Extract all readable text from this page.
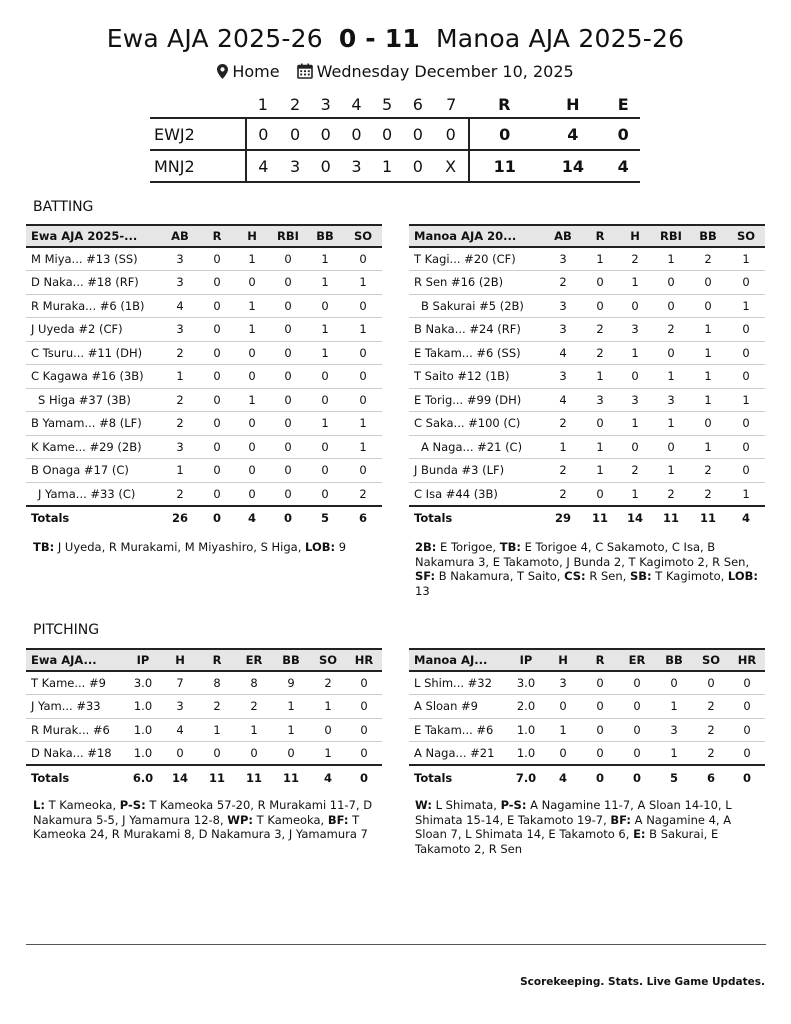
Ewa AJA 2025-26 0 - 11 Manoa AJA 2025-26
Home Wednesday December 10, 2025
	1	2	3	4	5	6	7	R	H	E
EWJ2	0	0	0	0	0	0	0	0	4	0
MNJ2	4	3	0	3	1	0	X	11	14	4
BATTING
Ewa AJA 2025-...	AB	R	H	RBI	BB	SO
M Miya... #13 (SS)	3	0	1	0	1	0
D Naka... #18 (RF)	3	0	0	0	1	1
R Muraka... #6 (1B)	4	0	1	0	0	0
J Uyeda #2 (CF)	3	0	1	0	1	1
C Tsuru... #11 (DH)	2	0	0	0	1	0
C Kagawa #16 (3B)	1	0	0	0	0	0
S Higa #37 (3B)	2	0	1	0	0	0
B Yamam... #8 (LF)	2	0	0	0	1	1
K Kame... #29 (2B)	3	0	0	0	0	1
B Onaga #17 (C)	1	0	0	0	0	0
J Yama... #33 (C)	2	0	0	0	0	2
Totals	26	0	4	0	5	6
Manoa AJA 20...	AB	R	H	RBI	BB	SO
T Kagi... #20 (CF)	3	1	2	1	2	1
R Sen #16 (2B)	2	0	1	0	0	0
B Sakurai #5 (2B)	3	0	0	0	0	1
B Naka... #24 (RF)	3	2	3	2	1	0
E Takam... #6 (SS)	4	2	1	0	1	0
T Saito #12 (1B)	3	1	0	1	1	0
E Torig... #99 (DH)	4	3	3	3	1	1
C Saka... #100 (C)	2	0	1	1	0	0
A Naga... #21 (C)	1	1	0	0	1	0
J Bunda #3 (LF)	2	1	2	1	2	0
C Isa #44 (3B)	2	0	1	2	2	1
Totals	29	11	14	11	11	4
TB: J Uyeda, R Murakami, M Miyashiro, S Higa, LOB: 9	2B: E Torigoe, TB: E Torigoe 4, C Sakamoto, C Isa, B Nakamura 3, E Takamoto, J Bunda 2, T Kagimoto 2, R Sen, SF: B Nakamura, T Saito, CS: R Sen, SB: T Kagimoto, LOB: 13
PITCHING
Ewa AJA...	IP	H	R	ER	BB	SO	HR
T Kame... #9	3.0	7	8	8	9	2	0
J Yam... #33	1.0	3	2	2	1	1	0
R Murak... #6	1.0	4	1	1	1	0	0
D Naka... #18	1.0	0	0	0	0	1	0
Totals	6.0	14	11	11	11	4	0
Manoa AJ...	IP	H	R	ER	BB	SO	HR
L Shim... #32	3.0	3	0	0	0	0	0
A Sloan #9	2.0	0	0	0	1	2	0
E Takam... #6	1.0	1	0	0	3	2	0
A Naga... #21	1.0	0	0	0	1	2	0
Totals	7.0	4	0	0	5	6	0
L: T Kameoka, P-S: T Kameoka 57-20, R Murakami 11-7, D Nakamura 5-5, J Yamamura 12-8, WP: T Kameoka, BF: T Kameoka 24, R Murakami 8, D Nakamura 3, J Yamamura 7
W: L Shimata, P-S: A Nagamine 11-7, A Sloan 14-10, L Shimata 15-14, E Takamoto 19-7, BF: A Nagamine 4, A Sloan 7, L Shimata 14, E Takamoto 6, E: B Sakurai, E Takamoto 2, R Sen
Scorekeeping. Stats. Live Game Updates.
